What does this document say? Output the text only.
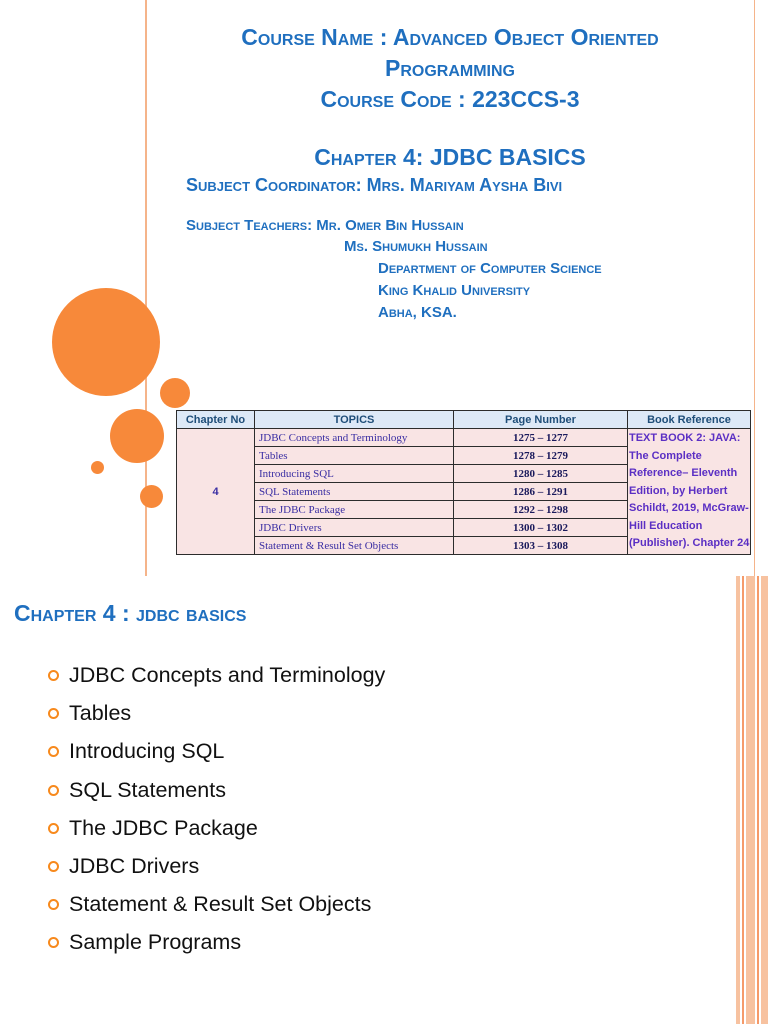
Course Name : Advanced Object Oriented

Programming

Course Code : 223CCS-3

Chapter 4: JDBC BASICS

Subject Coordinator: Mrs. Mariyam Aysha Bivi

Subject Teachers: Mr. Omer Bin Hussain

Ms. Shumukh Hussain

Department of Computer Science

King Khalid University

Abha, KSA.

Chapter No	TOPICS	Page Number	Book Reference
4	JDBC Concepts and Terminology	1275 – 1277	TEXT BOOK 2: JAVA: The Complete Reference– Eleventh Edition, by Herbert Schildt, 2019, McGraw-Hill Education (Publisher). Chapter 24
	Tables	1278 – 1279	
	Introducing SQL	1280 – 1285	
	SQL Statements	1286 – 1291	
	The JDBC Package	1292 – 1298	
	JDBC Drivers	1300 – 1302	
	Statement & Result Set Objects	1303 – 1308	

Chapter 4 : jdbc basics

JDBC Concepts and Terminology
Tables
Introducing SQL
SQL Statements
The JDBC Package
JDBC Drivers
Statement & Result Set Objects
Sample Programs
